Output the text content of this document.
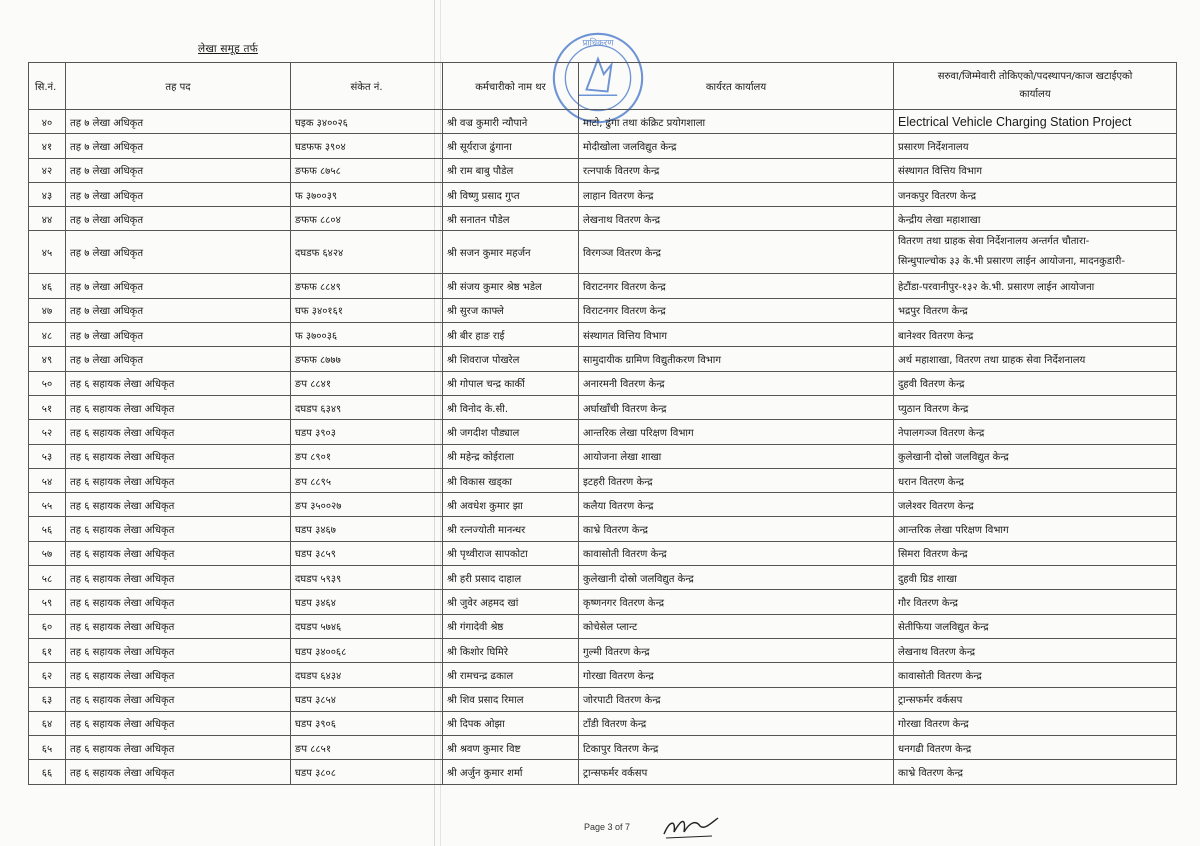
लेखा समूह तर्फ	प्राधिकरण
सि.नं.	तह पद	संकेत नं.	कर्मचारीको नाम थर	कार्यरत कार्यालय	सरुवा/जिम्मेवारी तोकिएको/पदस्थापन/काज खटाईएको
कार्यालय

४०	तह ७ लेखा अधिकृत	घइक ३४००२६	श्री वज्र कुमारी न्यौपाने	माटो, ढुंगा तथा कंक्रिट प्रयोगशाला	Electrical Vehicle Charging Station Project
४१	तह ७ लेखा अधिकृत	घडफफ ३९०४	श्री सूर्यराज ढुंगाना	मोदीखोला जलविद्युत केन्द्र	प्रसारण निर्देशनालय
४२	तह ७ लेखा अधिकृत	ङफफ ८७५८	श्री राम बाबु पौडेल	रत्नपार्क वितरण केन्द्र	संस्थागत वित्तिय विभाग
४३	तह ७ लेखा अधिकृत	फ ३७००३९	श्री विष्णु प्रसाद गुप्त	लाहान वितरण केन्द्र	जनकपुर वितरण केन्द्र
४४	तह ७ लेखा अधिकृत	ङफफ ८८०४	श्री सनातन पौडेल	लेखनाथ वितरण केन्द्र	केन्द्रीय लेखा महाशाखा
४५	तह ७ लेखा अधिकृत	दघडफ ६४२४	श्री सजन कुमार महर्जन	विरगञ्ज वितरण केन्द्र	वितरण तथा ग्राहक सेवा निर्देशनालय अन्तर्गत चौतारा-
सिन्धुपाल्चोक ३३ के.भी प्रसारण लाईन आयोजना, मादनकुडारी-

४६	तह ७ लेखा अधिकृत	ङफफ ८८४९	श्री संजय कुमार श्रेष्ठ भडेल	विराटनगर वितरण केन्द्र	हेटौंडा-परवानीपुर-१३२ के.भी. प्रसारण लाईन आयोजना
४७	तह ७ लेखा अधिकृत	घफ ३४०१६१	श्री सुरज काफ्ले	विराटनगर वितरण केन्द्र	भद्रपुर वितरण केन्द्र
४८	तह ७ लेखा अधिकृत	फ ३७००३६	श्री बीर हाङ राई	संस्थागत वित्तिय विभाग	बानेश्वर वितरण केन्द्र
४९	तह ७ लेखा अधिकृत	ङफफ ८७७७	श्री शिवराज पोखरेल	सामुदायीक ग्रामिण विद्युतीकरण विभाग	अर्थ महाशाखा, वितरण तथा ग्राहक सेवा निर्देशनालय
५०	तह ६ सहायक लेखा अधिकृत	ङप ८८४१	श्री गोपाल चन्द्र कार्की	अनारमनी वितरण केन्द्र	दुहवी वितरण केन्द्र
५१	तह ६ सहायक लेखा अधिकृत	दघडप ६३४९	श्री विनोद के.सी.	अर्घाखाँची वितरण केन्द्र	प्युठान वितरण केन्द्र
५२	तह ६ सहायक लेखा अधिकृत	घडप ३९०३	श्री जगदीश पौड्याल	आन्तरिक लेखा परिक्षण विभाग	नेपालगञ्ज वितरण केन्द्र
५३	तह ६ सहायक लेखा अधिकृत	ङप ८९०१	श्री महेन्द्र कोईराला	आयोजना लेखा शाखा	कुलेखानी दोस्रो जलविद्युत केन्द्र
५४	तह ६ सहायक लेखा अधिकृत	ङप ८८९५	श्री विकास खड्का	इटहरी वितरण केन्द्र	धरान वितरण केन्द्र
५५	तह ६ सहायक लेखा अधिकृत	ङप ३५००२७	श्री अवधेश कुमार झा	कलैया वितरण केन्द्र	जलेश्वर वितरण केन्द्र
५६	तह ६ सहायक लेखा अधिकृत	घडप ३४६७	श्री रत्नज्योती मानन्धर	काभ्रे वितरण केन्द्र	आन्तरिक लेखा परिक्षण विभाग
५७	तह ६ सहायक लेखा अधिकृत	घडप ३८५९	श्री पृथ्वीराज सापकोटा	कावासोती वितरण केन्द्र	सिमरा वितरण केन्द्र
५८	तह ६ सहायक लेखा अधिकृत	दघडप ५९३९	श्री हरी प्रसाद दाहाल	कुलेखानी दोस्रो जलविद्युत केन्द्र	दुहवी ग्रिड शाखा
५९	तह ६ सहायक लेखा अधिकृत	घडप ३४६४	श्री जुवेर अहमद खां	कृष्णनगर वितरण केन्द्र	गौर वितरण केन्द्र
६०	तह ६ सहायक लेखा अधिकृत	दघडप ५७४६	श्री गंगादेवी श्रेष्ठ	कोचेसेल प्लान्ट	सेतीफिया जलविद्युत केन्द्र
६१	तह ६ सहायक लेखा अधिकृत	घडप ३४००६८	श्री किशोर घिमिरे	गुल्मी वितरण केन्द्र	लेखनाथ वितरण केन्द्र
६२	तह ६ सहायक लेखा अधिकृत	दघडप ६४३४	श्री रामचन्द्र ढकाल	गोरखा वितरण केन्द्र	कावासोती वितरण केन्द्र
६३	तह ६ सहायक लेखा अधिकृत	घडप ३८५४	श्री शिव प्रसाद रिमाल	जोरपाटी वितरण केन्द्र	ट्रान्सफर्मर वर्कसप
६४	तह ६ सहायक लेखा अधिकृत	घडप ३९०६	श्री दिपक ओझा	टाँडी वितरण केन्द्र	गोरखा वितरण केन्द्र
६५	तह ६ सहायक लेखा अधिकृत	ङप ८८५१	श्री श्रवण कुमार विष्ट	टिकापुर वितरण केन्द्र	धनगढी वितरण केन्द्र
६६	तह ६ सहायक लेखा अधिकृत	घडप ३८०८	श्री अर्जुन कुमार शर्मा	ट्रान्सफर्मर वर्कसप	काभ्रे वितरण केन्द्र
Page 3 of 7
